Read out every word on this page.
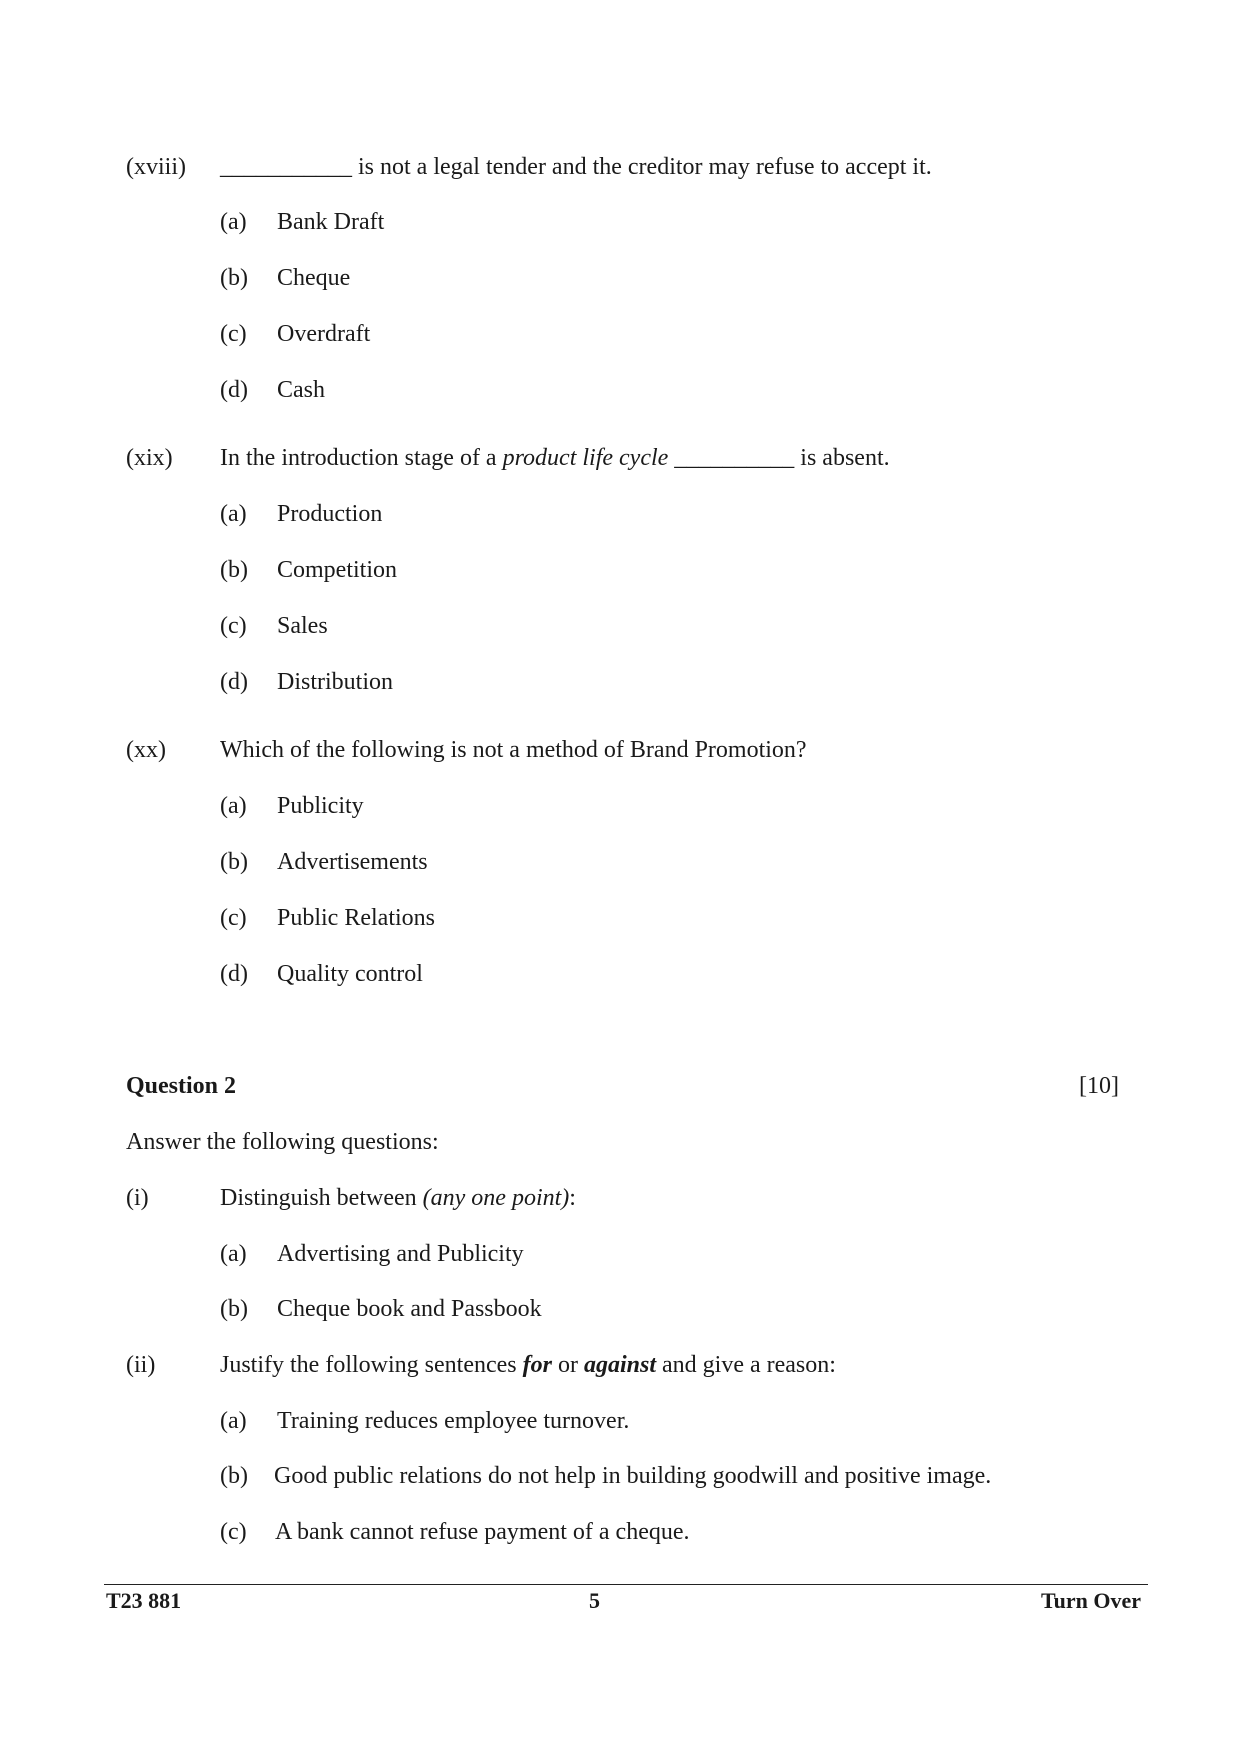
(xviii) ___________ is not a legal tender and the creditor may refuse to accept it.
(a) Bank Draft
(b) Cheque
(c) Overdraft
(d) Cash
(xix) In the introduction stage of a product life cycle __________ is absent.
(a) Production
(b) Competition
(c) Sales
(d) Distribution
(xx) Which of the following is not a method of Brand Promotion?
(a) Publicity
(b) Advertisements
(c) Public Relations
(d) Quality control
Question 2	[10]
Answer the following questions:
(i)	Distinguish between (any one point):
(a) Advertising and Publicity
(b) Cheque book and Passbook
(ii)	Justify the following sentences for or against and give a reason:
(a) Training reduces employee turnover.
(b) Good public relations do not help in building goodwill and positive image.
(c) A bank cannot refuse payment of a cheque.
T23 881	5	Turn Over
